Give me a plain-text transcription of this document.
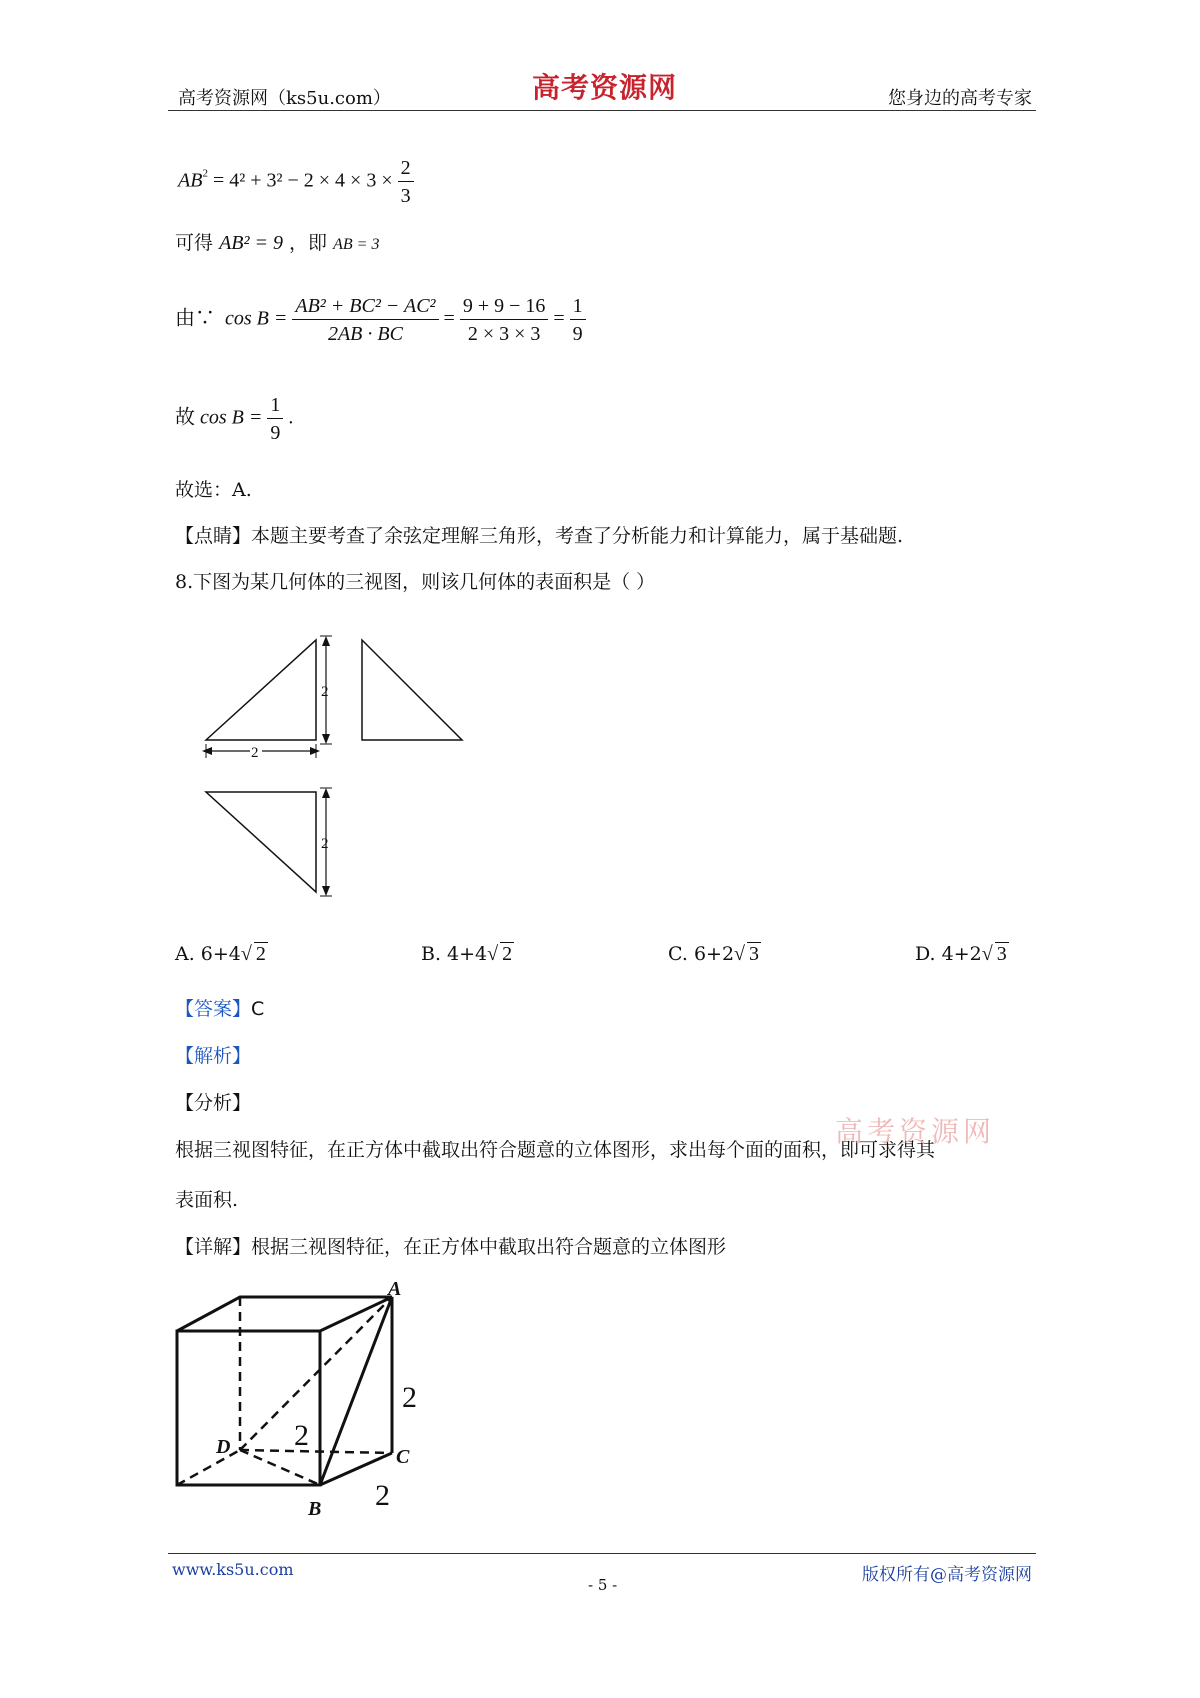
高考资源网（ks5u.com）	高考资源网	您身边的高考专家
$AB^2 = 4^2 + 3^2 - 2 \times 4 \times 3 \times \frac{2}{3}$
可得 AB² = 9 ，即 AB = 3
由∵ $\cos B = \frac{\text{AB² + BC² − AC²}}{2AB \cdot BC} = \frac{9 + 9 - 16}{2 \times 3 \times 3} = \frac{1}{9}$
故 $\cos B = \frac{1}{9}$ .
故选：A.
【点睛】本题主要考查了余弦定理解三角形，考查了分析能力和计算能力，属于基础题.
8.下图为某几何体的三视图，则该几何体的表面积是（ ）
2
2
2
A. 6+4√ 2	B. 4+4√ 2	C. 6+2√ 3	D. 4+2√ 3
【答案】C
【解析】
【分析】
根据三视图特征，在正方体中截取出符合题意的立体图形，求出每个面的面积，即可求得其
表面积.
【详解】根据三视图特征，在正方体中截取出符合题意的立体图形
高考资源网
A
B
C
D
2
2
2
www.ks5u.com
- 5 -	版权所有@高考资源网
